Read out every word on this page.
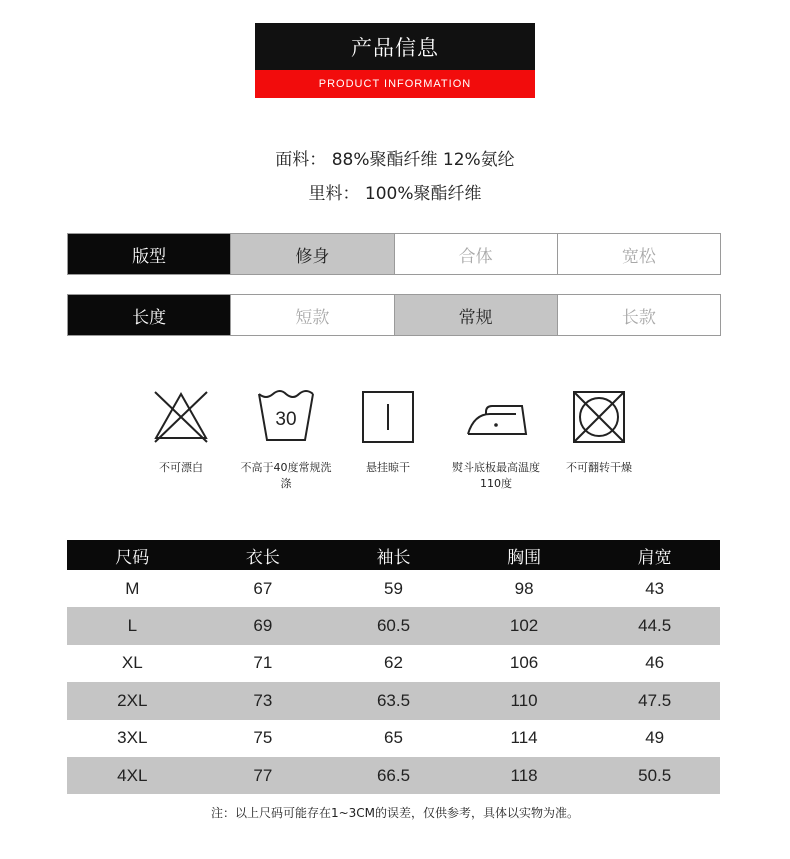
产品信息
PRODUCT INFORMATION
面料： 88%聚酯纤维 12%氨纶
里料： 100%聚酯纤维
版型	修身	合体	宽松
长度	短款	常规	长款
不可漂白
30
不高于40度常规洗涤
悬挂晾干	熨斗底板最高温度110度
不可翻转干燥
尺码	衣长	袖长	胸围	肩宽
M	67	59	98	43
L	69	60.5	102	44.5
XL	71	62	106	46
2XL	73	63.5	110	47.5
3XL	75	65	114	49
4XL	77	66.5	118	50.5
注：以上尺码可能存在1~3CM的误差，仅供参考，具体以实物为准。
